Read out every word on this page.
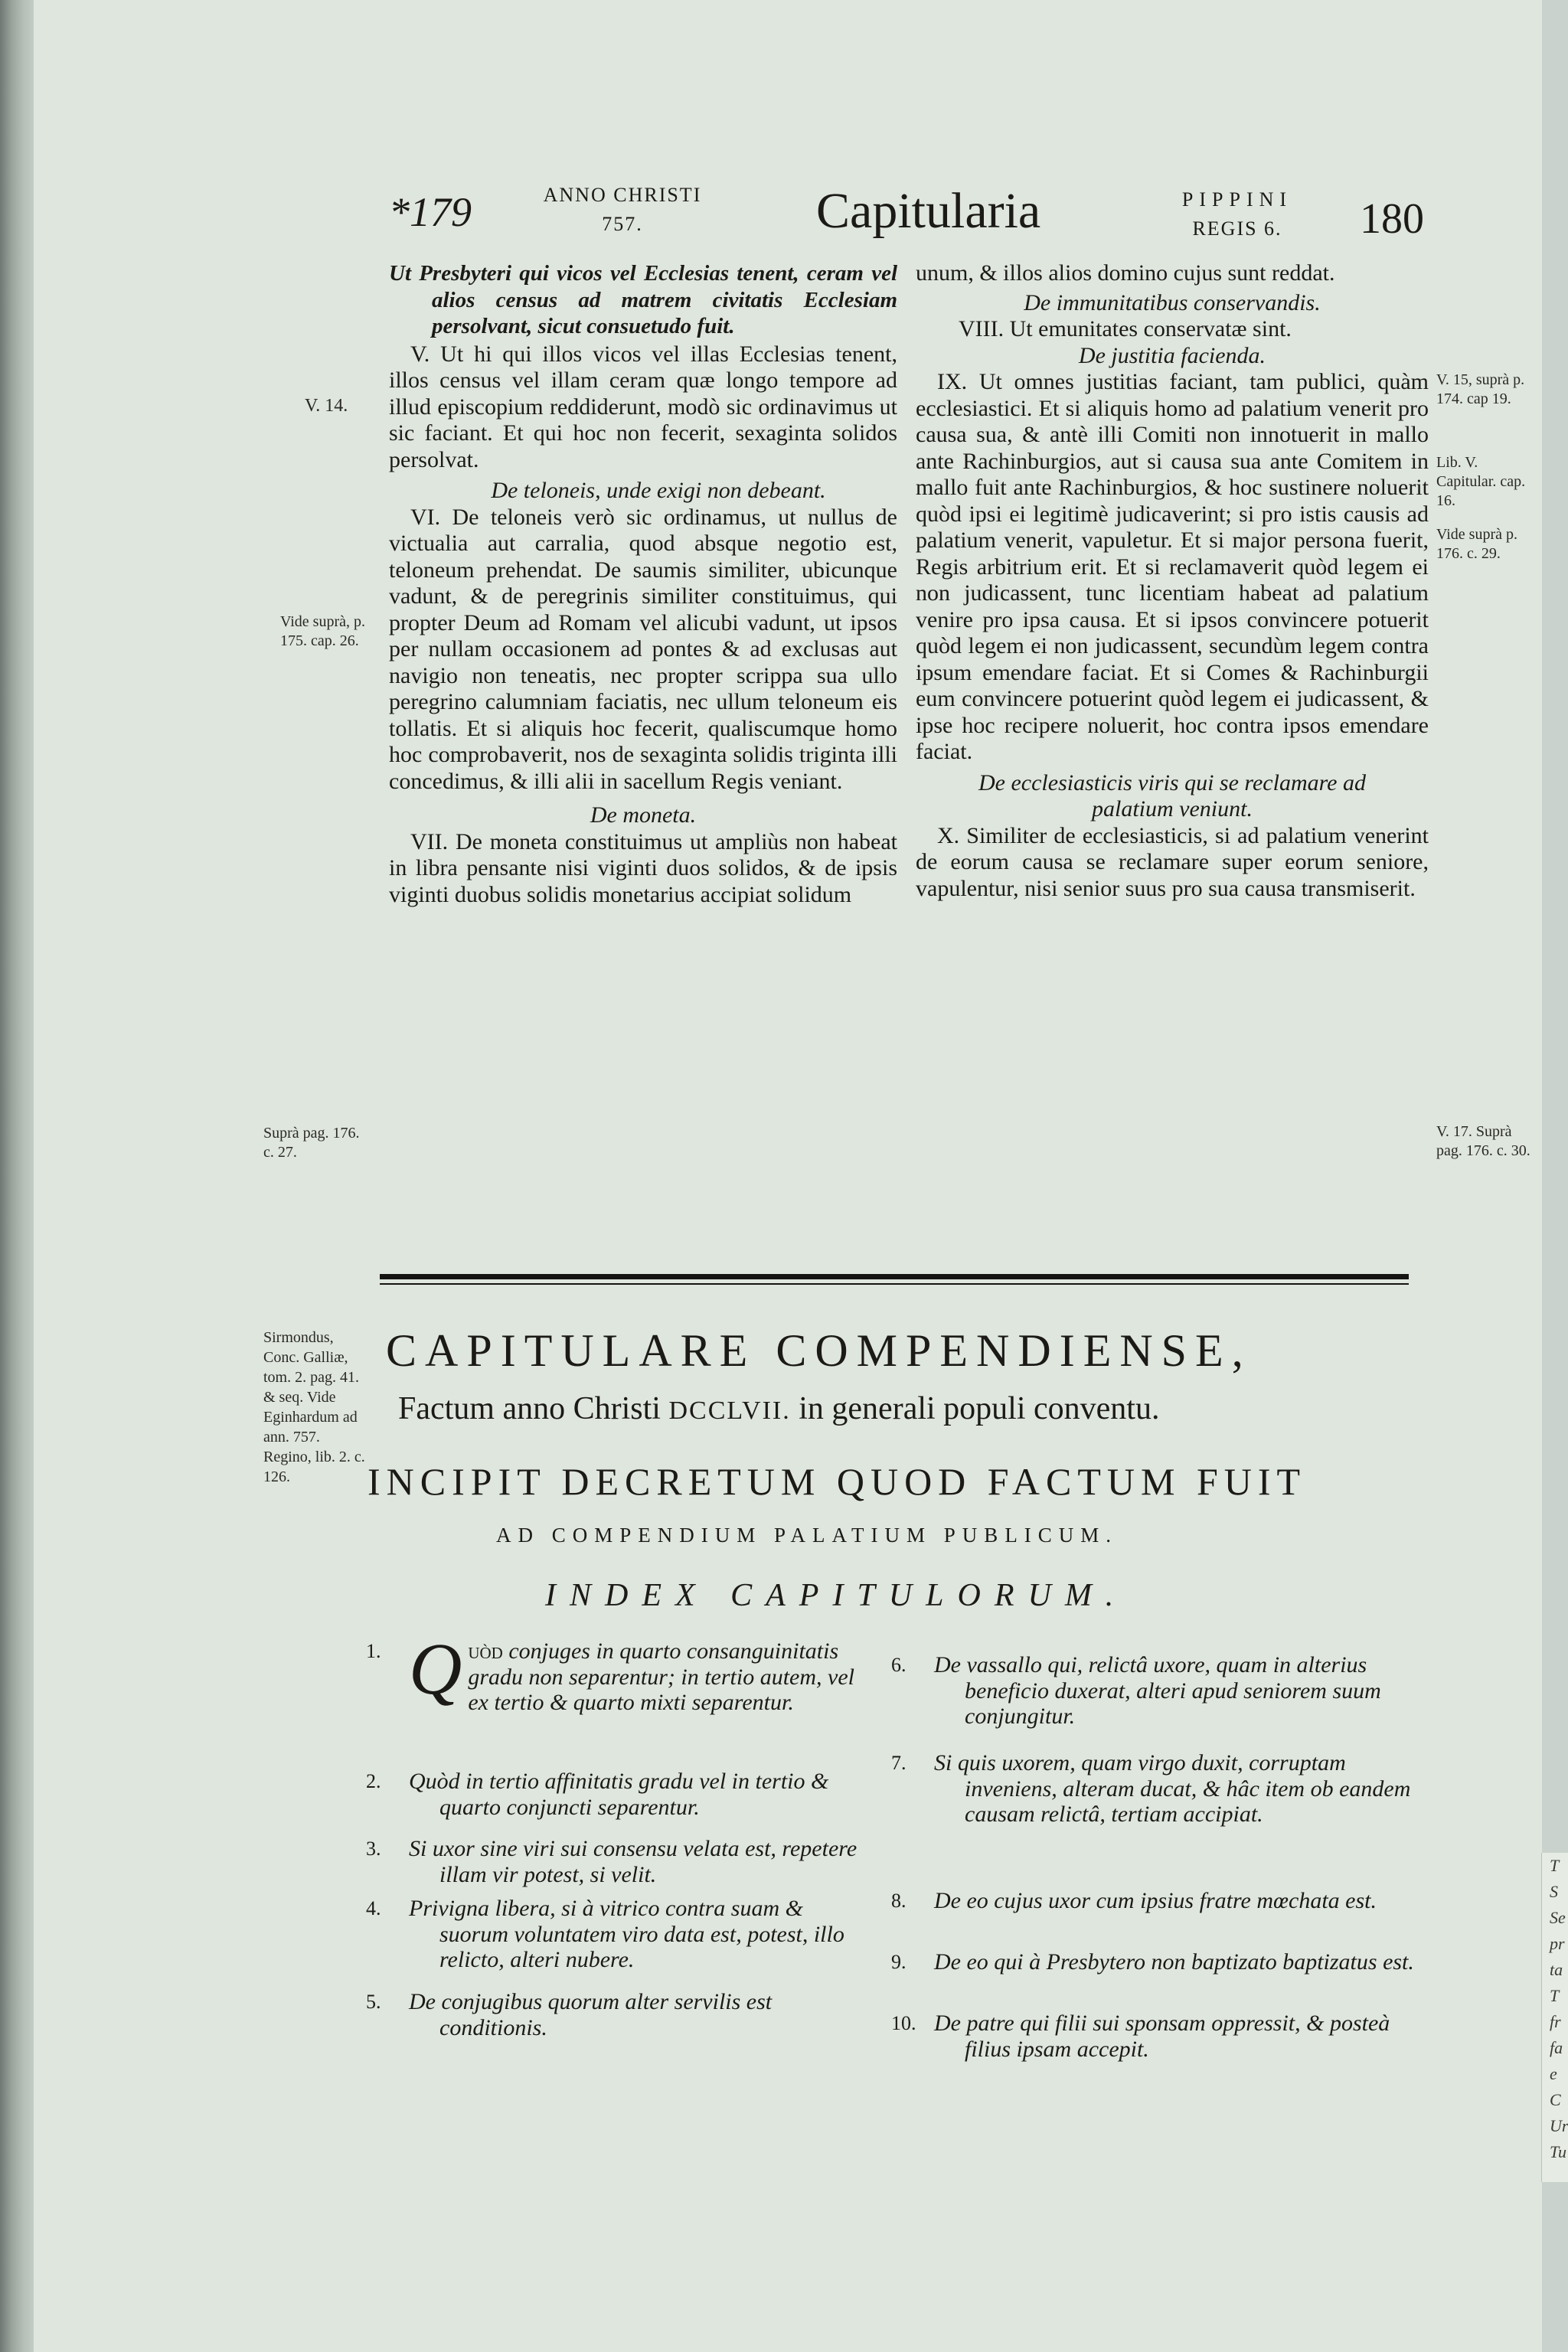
*179	ANNO CHRISTI
757.	Capitularia	PIPPINI
REGIS 6.	180

Ut Presbyteri qui vicos vel Ecclesias tenent, ceram vel alios census ad matrem civitatis Ecclesiam persolvant, sicut consuetudo fuit.

V. Ut hi qui illos vicos vel illas Ecclesias tenent, illos census vel illam ceram quæ longo tempore ad illud episcopium reddiderunt, modò sic ordinavimus ut sic faciant. Et qui hoc non fecerit, sexaginta solidos persolvat.

De teloneis, unde exigi non debeant.

VI. De teloneis verò sic ordinamus, ut nullus de victualia aut carralia, quod absque negotio est, teloneum prehendat. De saumis similiter, ubicunque vadunt, & de peregrinis similiter constituimus, qui propter Deum ad Romam vel alicubi vadunt, ut ipsos per nullam occasionem ad pontes & ad exclusas aut navigio non teneatis, nec propter scrippa sua ullo peregrino calumniam faciatis, nec ullum teloneum eis tollatis. Et si aliquis hoc fecerit, qualiscumque homo hoc comprobaverit, nos de sexaginta solidis triginta illi concedimus, & illi alii in sacellum Regis veniant.

De moneta.

VII. De moneta constituimus ut ampliùs non habeat in libra pensante nisi viginti duos solidos, & de ipsis viginti duobus solidis monetarius accipiat solidum

unum, & illos alios domino cujus sunt reddat.

De immunitatibus conservandis.

VIII. Ut emunitates conservatæ sint.

De justitia facienda.

IX. Ut omnes justitias faciant, tam publici, quàm ecclesiastici. Et si aliquis homo ad palatium venerit pro causa sua, & antè illi Comiti non innotuerit in mallo ante Rachinburgios, aut si causa sua ante Comitem in mallo fuit ante Rachinburgios, & hoc sustinere noluerit quòd ipsi ei legitimè judicaverint; si pro istis causis ad palatium venerit, vapuletur. Et si major persona fuerit, Regis arbitrium erit. Et si reclamaverit quòd legem ei non judicassent, tunc licentiam habeat ad palatium venire pro ipsa causa. Et si ipsos convincere potuerit quòd legem ei non judicassent, secundùm legem contra ipsum emendare faciat. Et si Comes & Rachinburgii eum convincere potuerint quòd legem ei judicassent, & ipse hoc recipere noluerit, hoc contra ipsos emendare faciat.

De ecclesiasticis viris qui se reclamare ad palatium veniunt.

X. Similiter de ecclesiasticis, si ad palatium venerint de eorum causa se reclamare super eorum seniore, vapulentur, nisi senior suus pro sua causa transmiserit.

V. 14.
Vide suprà, p. 175. cap. 26.
Suprà pag. 176. c. 27.
V. 15, suprà p. 174. cap 19.
Lib. V. Capitular. cap. 16.
Vide suprà p. 176. c. 29.
V. 17. Suprà pag. 176. c. 30.
Sirmondus, Conc. Galliæ, tom. 2. pag. 41. & seq. Vide Eginhardum ad ann. 757. Regino, lib. 2. c. 126.
CAPITULARE COMPENDIENSE,
Factum anno Christi DCCLVII. in generali populi conventu.
INCIPIT DECRETUM QUOD FACTUM FUIT
AD COMPENDIUM PALATIUM PUBLICUM.
INDEX CAPITULORUM.
1. Q uòd conjuges in quarto consanguinitatis gradu non separentur; in tertio autem, vel ex tertio & quarto mixti separentur.
2. Quòd in tertio affinitatis gradu vel in tertio & quarto conjuncti separentur.
3. Si uxor sine viri sui consensu velata est, repetere illam vir potest, si velit.
4. Privigna libera, si à vitrico contra suam & suorum voluntatem viro data est, potest, illo relicto, alteri nubere.
5. De conjugibus quorum alter servilis est conditionis.
6. De vassallo qui, relictâ uxore, quam in alterius beneficio duxerat, alteri apud seniorem suum conjungitur.
7. Si quis uxorem, quam virgo duxit, corruptam inveniens, alteram ducat, & hâc item ob eandem causam relictâ, tertiam accipiat.
8. De eo cujus uxor cum ipsius fratre mœchata est.
9. De eo qui à Presbytero non baptizato baptizatus est.
10. De patre qui filii sui sponsam oppressit, & posteà filius ipsam accepit.
T S
Se
pr
ta
T
fr
fa
e
C Ur
Tu
